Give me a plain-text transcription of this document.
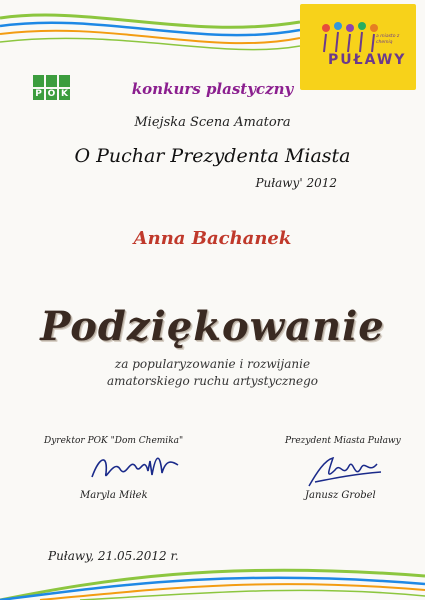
a miasto z chemią
PUŁAWY
P O K	konkurs plastyczny
Miejska Scena Amatora
O Puchar Prezydenta Miasta
Puławy' 2012
Anna Bachanek
Podziękowanie
za popularyzowanie i rozwijanie
amatorskiego ruchu artystycznego
Dyrektor POK "Dom Chemika"
Maryla Miłek
Prezydent Miasta Puławy
Janusz Grobel
Puławy, 21.05.2012 r.
